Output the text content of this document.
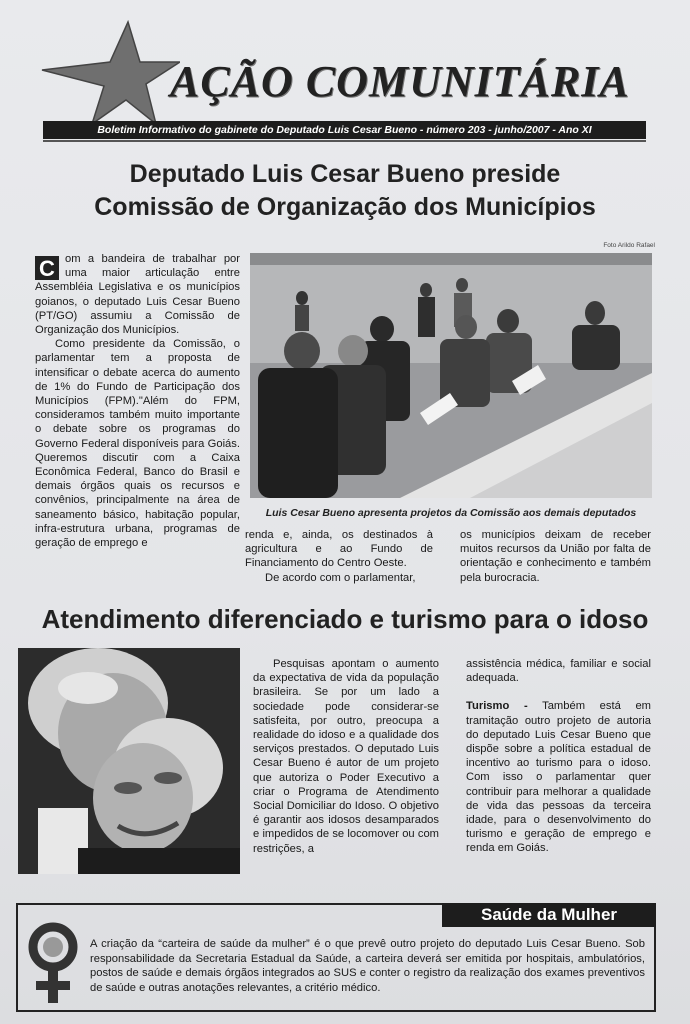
AÇÃO COMUNITÁRIA
Boletim Informativo do gabinete do Deputado Luis Cesar Bueno - número 203 - junho/2007 - Ano XI
Deputado Luis Cesar Bueno preside
Comissão de Organização dos Municípios

C om a bandeira de trabalhar por uma maior articulação entre Assembléia Legislativa e os municípios goianos, o deputado Luis Cesar Bueno (PT/GO) assumiu a Comissão de Organização dos Municípios.

Como presidente da Comissão, o parlamentar tem a proposta de intensificar o debate acerca do aumento de 1% do Fundo de Participação dos Municípios (FPM)."Além do FPM, consideramos também muito importante o debate sobre os programas do Governo Federal disponíveis para Goiás. Queremos discutir com a Caixa Econômica Federal, Banco do Brasil e demais órgãos quais os recursos e convênios, principalmente na área de saneamento básico, habitação popular, infra-estrutura urbana, programas de geração de emprego e

Foto Arildo Rafael
Luis Cesar Bueno apresenta projetos da Comissão aos demais deputados

renda e, ainda, os destinados à agricultura e ao Fundo de Financiamento do Centro Oeste.

De acordo com o parlamentar,

os municípios deixam de receber muitos recursos da União por falta de orientação e conhecimento e também pela burocracia.

Atendimento diferenciado e turismo para o idoso

Pesquisas apontam o aumento da expectativa de vida da população brasileira. Se por um lado a sociedade pode considerar-se satisfeita, por outro, preocupa a realidade do idoso e a qualidade dos serviços prestados. O deputado Luis Cesar Bueno é autor de um projeto que autoriza o Poder Executivo a criar o Programa de Atendimento Social Domiciliar do Idoso. O objetivo é garantir aos idosos desamparados e impedidos de se locomover ou com restrições, a

assistência médica, familiar e social adequada.

Turismo - Também está em tramitação outro projeto de autoria do deputado Luis Cesar Bueno que dispõe sobre a política estadual de incentivo ao turismo para o idoso. Com isso o parlamentar quer contribuir para melhorar a qualidade de vida das pessoas da terceira idade, para o desenvolvimento do turismo e geração de emprego e renda em Goiás.

Saúde da Mulher
A criação da “carteira de saúde da mulher” é o que prevê outro projeto do deputado Luis Cesar Bueno. Sob responsabilidade da Secretaria Estadual da Saúde, a carteira deverá ser emitida por hospitais, ambulatórios, postos de saúde e demais órgãos integrados ao SUS e conter o registro da realização dos exames preventivos de saúde e outras anotações relevantes, a critério médico.
